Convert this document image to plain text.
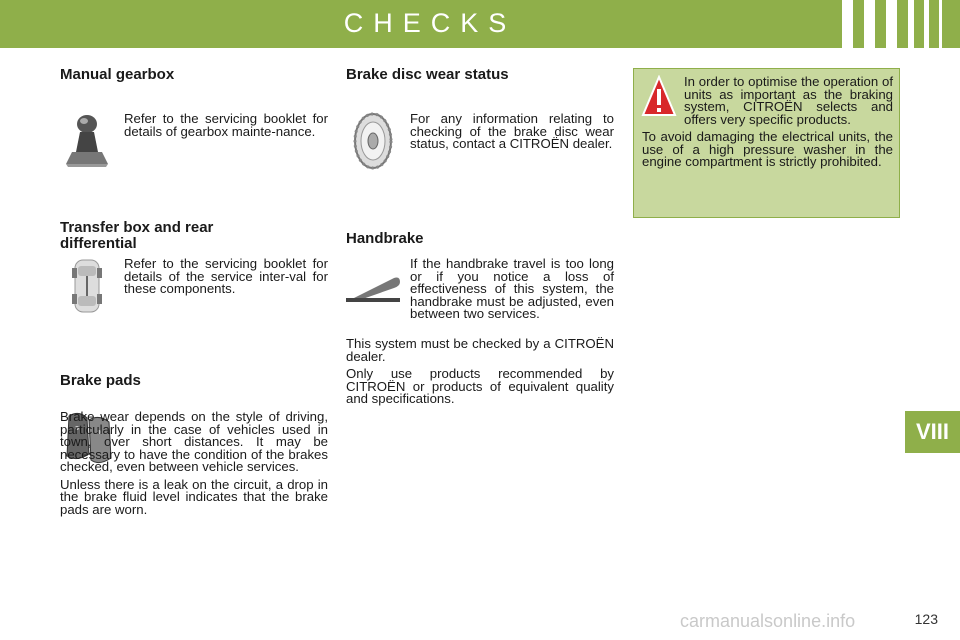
CHECKS
VIII
Manual gearbox

Refer to the servicing booklet for details of gearbox mainte-nance.

Transfer box and rear differential

Refer to the servicing booklet for details of the service inter-val for these components.

Brake pads

Brake wear depends on the style of driving, particularly in the case of vehicles used in town, over short distances. It may be necessary to have the condition of the brakes checked, even between vehicle services.

Unless there is a leak on the circuit, a drop in the brake fluid level indicates that the brake pads are worn.

Brake disc wear status

For any information relating to checking of the brake disc wear status, contact a CITROËN dealer.

Handbrake

If the handbrake travel is too long or if you notice a loss of effectiveness of this system, the handbrake must be adjusted, even between two services.

This system must be checked by a CITROËN dealer.

Only use products recommended by CITROËN or products of equivalent quality and specifications.

In order to optimise the operation of units as important as the braking system, CITROËN selects and offers very specific products.

To avoid damaging the electrical units, the use of a high pressure washer in the engine compartment is strictly prohibited.

carmanualsonline.info	123
